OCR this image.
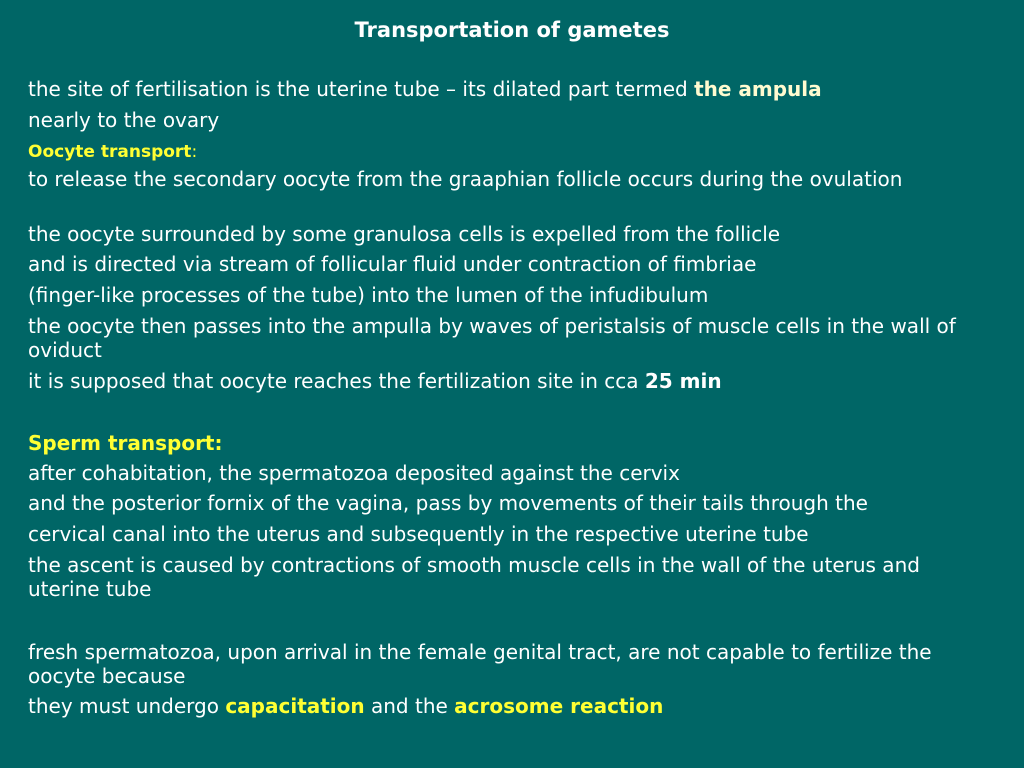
Transportation of gametes
the site of fertilisation is the uterine tube – its dilated part termed the ampula
nearly to the ovary
Oocyte transport:
to release the secondary oocyte from the graaphian follicle occurs during the ovulation
the oocyte surrounded by some granulosa cells is expelled from the follicle
and is directed via stream of follicular fluid under contraction of fimbriae
(finger-like processes of the tube) into the lumen of the infudibulum
the oocyte then passes into the ampulla by waves of peristalsis of muscle cells in the wall of oviduct
it is supposed that oocyte reaches the fertilization site in cca 25 min
Sperm transport:
after cohabitation, the spermatozoa deposited against the cervix
and the posterior fornix of the vagina, pass by movements of their tails through the
cervical canal into the uterus and subsequently in the respective uterine tube
the ascent is caused by contractions of smooth muscle cells in the wall of the uterus and uterine tube
fresh spermatozoa, upon arrival in the female genital tract, are not capable to fertilize the oocyte because
they must undergo capacitation and the acrosome reaction
